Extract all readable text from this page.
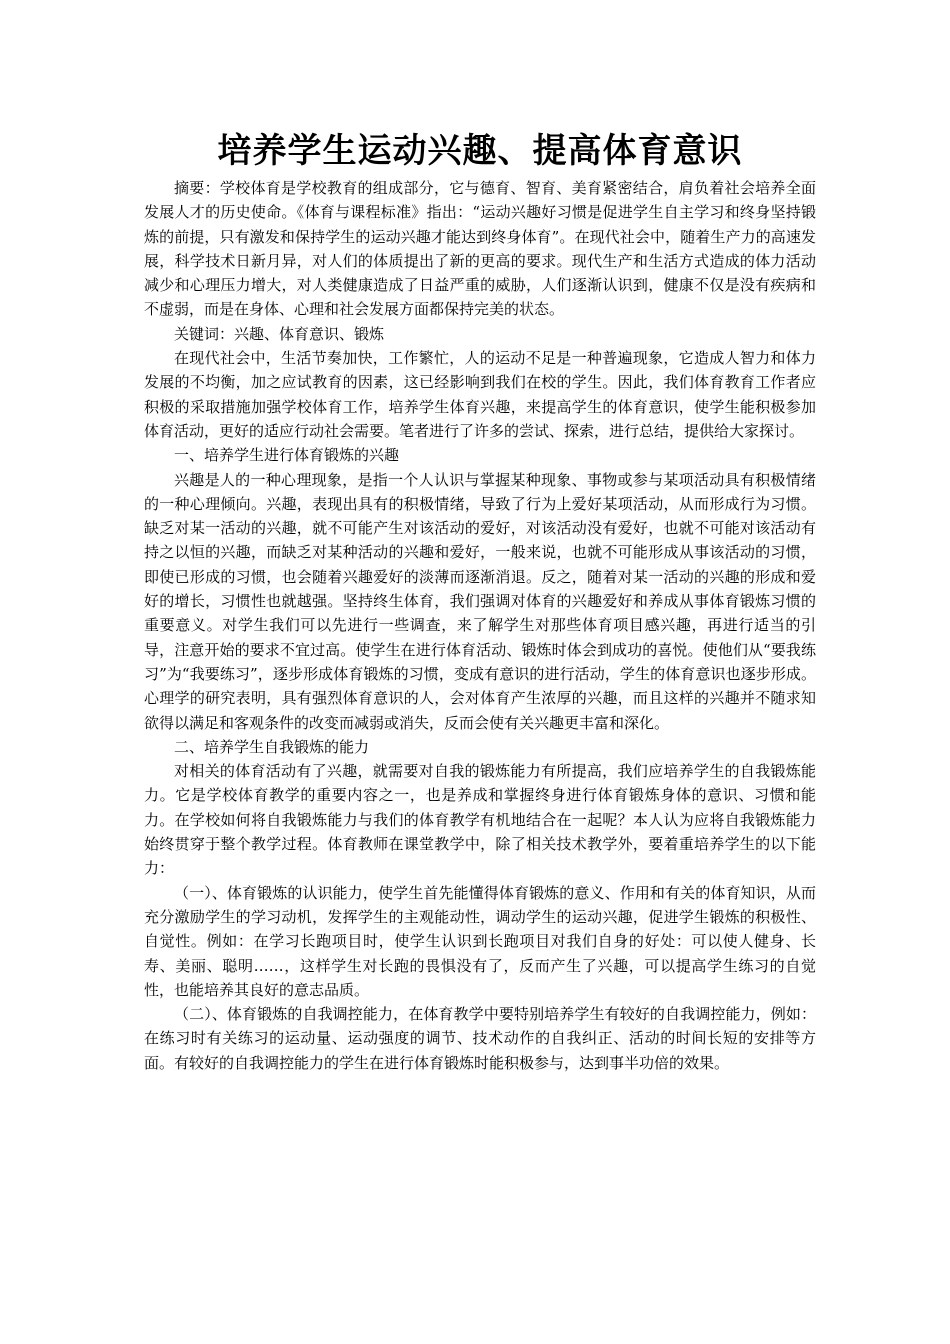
培养学生运动兴趣、提高体育意识

摘要：学校体育是学校教育的组成部分，它与德育、智育、美育紧密结合，肩负着社会培养全面发展人才的历史使命。《体育与课程标准》指出：“运动兴趣好习惯是促进学生自主学习和终身坚持锻炼的前提，只有激发和保持学生的运动兴趣才能达到终身体育”。在现代社会中，随着生产力的高速发展，科学技术日新月异，对人们的体质提出了新的更高的要求。现代生产和生活方式造成的体力活动减少和心理压力增大，对人类健康造成了日益严重的威胁，人们逐渐认识到，健康不仅是没有疾病和不虚弱，而是在身体、心理和社会发展方面都保持完美的状态。

关键词：兴趣、体育意识、锻炼

在现代社会中，生活节奏加快，工作繁忙，人的运动不足是一种普遍现象，它造成人智力和体力发展的不均衡，加之应试教育的因素，这已经影响到我们在校的学生。因此，我们体育教育工作者应积极的采取措施加强学校体育工作，培养学生体育兴趣，来提高学生的体育意识，使学生能积极参加体育活动，更好的适应行动社会需要。笔者进行了许多的尝试、探索，进行总结，提供给大家探讨。

一、培养学生进行体育锻炼的兴趣

兴趣是人的一种心理现象，是指一个人认识与掌握某种现象、事物或参与某项活动具有积极情绪的一种心理倾向。兴趣，表现出具有的积极情绪，导致了行为上爱好某项活动，从而形成行为习惯。缺乏对某一活动的兴趣，就不可能产生对该活动的爱好，对该活动没有爱好，也就不可能对该活动有持之以恒的兴趣，而缺乏对某种活动的兴趣和爱好，一般来说，也就不可能形成从事该活动的习惯，即使已形成的习惯，也会随着兴趣爱好的淡薄而逐渐消退。反之，随着对某一活动的兴趣的形成和爱好的增长，习惯性也就越强。坚持终生体育，我们强调对体育的兴趣爱好和养成从事体育锻炼习惯的重要意义。对学生我们可以先进行一些调查，来了解学生对那些体育项目感兴趣，再进行适当的引导，注意开始的要求不宜过高。使学生在进行体育活动、锻炼时体会到成功的喜悦。使他们从“要我练习”为“我要练习”，逐步形成体育锻炼的习惯，变成有意识的进行活动，学生的体育意识也逐步形成。心理学的研究表明，具有强烈体育意识的人，会对体育产生浓厚的兴趣，而且这样的兴趣并不随求知欲得以满足和客观条件的改变而减弱或消失，反而会使有关兴趣更丰富和深化。

二、培养学生自我锻炼的能力

对相关的体育活动有了兴趣，就需要对自我的锻炼能力有所提高，我们应培养学生的自我锻炼能力。它是学校体育教学的重要内容之一，也是养成和掌握终身进行体育锻炼身体的意识、习惯和能力。在学校如何将自我锻炼能力与我们的体育教学有机地结合在一起呢？本人认为应将自我锻炼能力始终贯穿于整个教学过程。体育教师在课堂教学中，除了相关技术教学外，要着重培养学生的以下能力：

（一）、体育锻炼的认识能力，使学生首先能懂得体育锻炼的意义、作用和有关的体育知识，从而充分激励学生的学习动机，发挥学生的主观能动性，调动学生的运动兴趣，促进学生锻炼的积极性、自觉性。例如：在学习长跑项目时，使学生认识到长跑项目对我们自身的好处：可以使人健身、长寿、美丽、聪明……，这样学生对长跑的畏惧没有了，反而产生了兴趣，可以提高学生练习的自觉性，也能培养其良好的意志品质。

（二）、体育锻炼的自我调控能力，在体育教学中要特别培养学生有较好的自我调控能力，例如：在练习时有关练习的运动量、运动强度的调节、技术动作的自我纠正、活动的时间长短的安排等方面。有较好的自我调控能力的学生在进行体育锻炼时能积极参与，达到事半功倍的效果。
